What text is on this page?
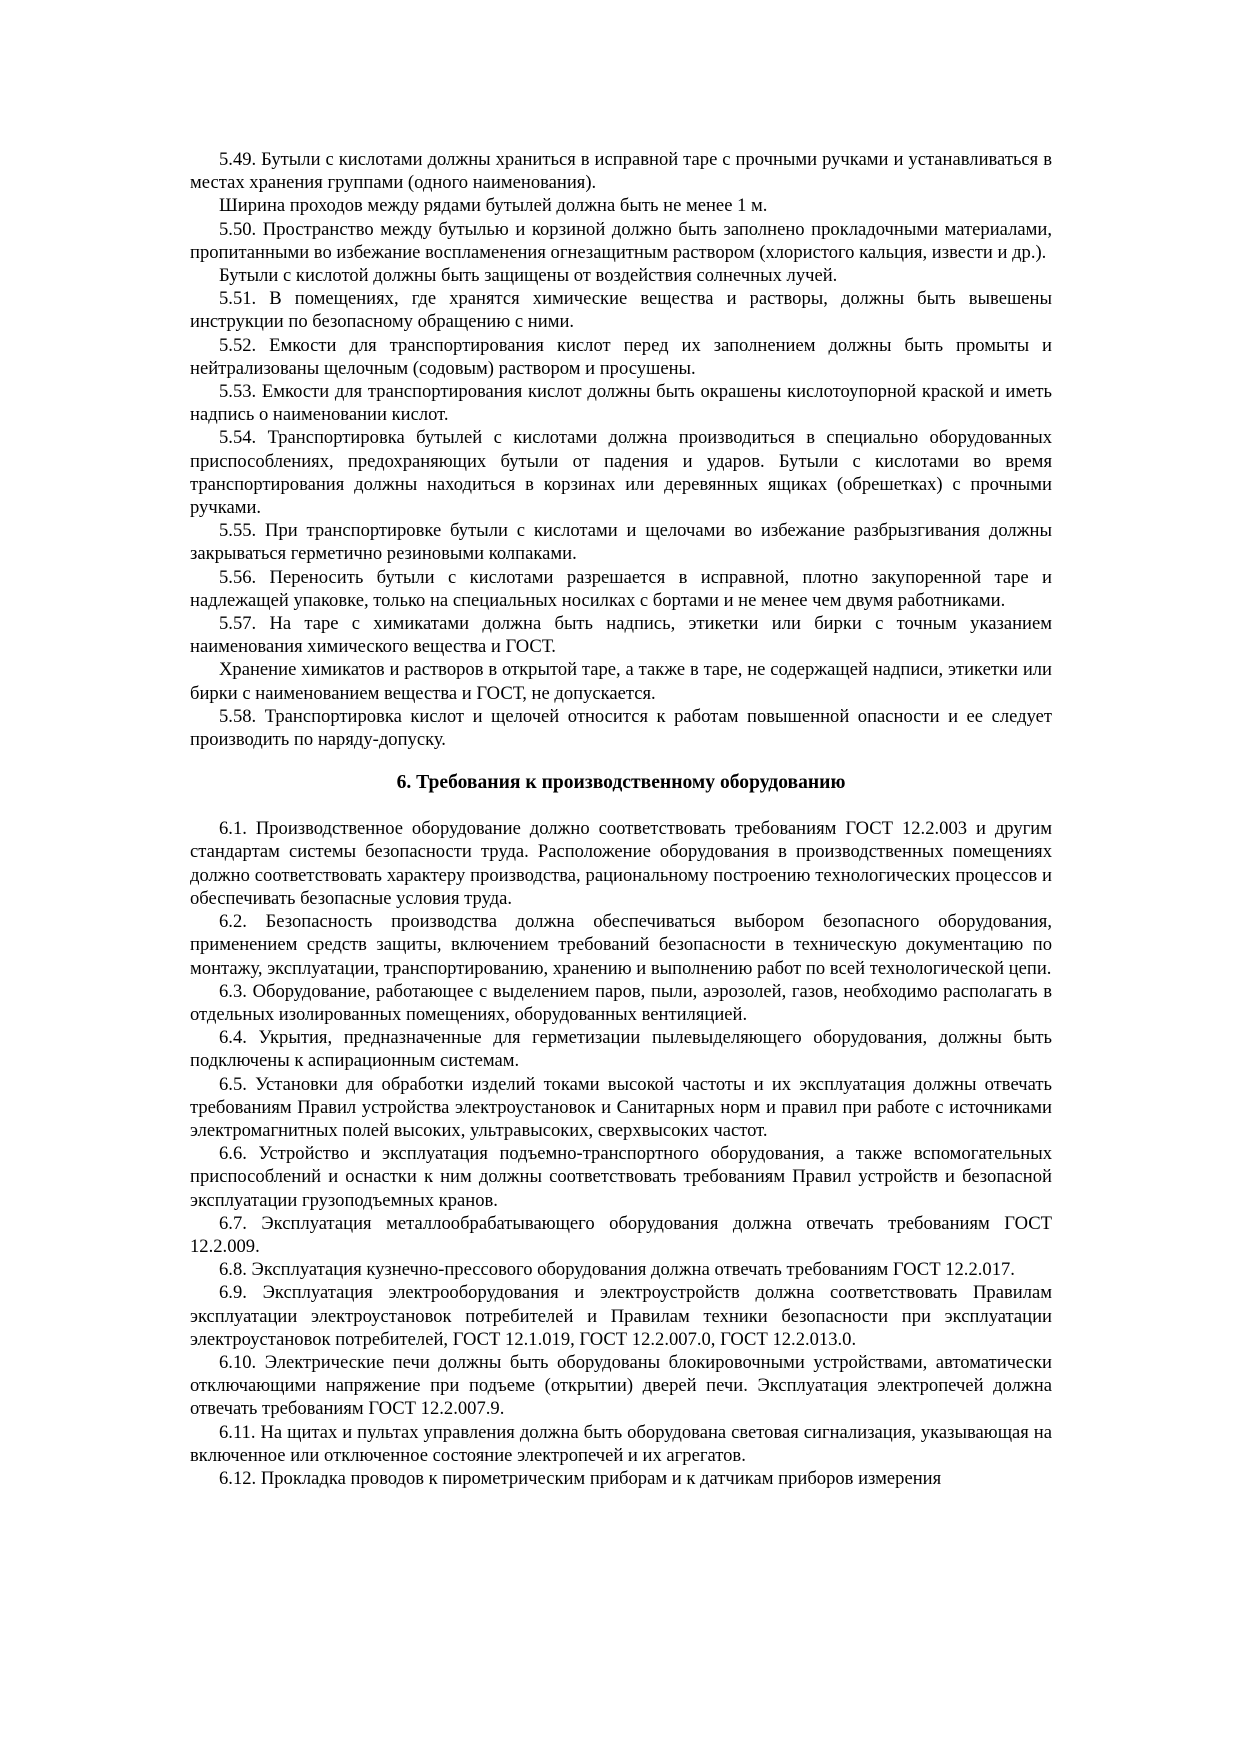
5.49. Бутыли с кислотами должны храниться в исправной таре с прочными ручками и устанавливаться в местах хранения группами (одного наименования).

Ширина проходов между рядами бутылей должна быть не менее 1 м.

5.50. Пространство между бутылью и корзиной должно быть заполнено прокладочными материалами, пропитанными во избежание воспламенения огнезащитным раствором (хлористого кальция, извести и др.).

Бутыли с кислотой должны быть защищены от воздействия солнечных лучей.

5.51. В помещениях, где хранятся химические вещества и растворы, должны быть вывешены инструкции по безопасному обращению с ними.

5.52. Емкости для транспортирования кислот перед их заполнением должны быть промыты и нейтрализованы щелочным (содовым) раствором и просушены.

5.53. Емкости для транспортирования кислот должны быть окрашены кислотоупорной краской и иметь надпись о наименовании кислот.

5.54. Транспортировка бутылей с кислотами должна производиться в специально оборудованных приспособлениях, предохраняющих бутыли от падения и ударов. Бутыли с кислотами во время транспортирования должны находиться в корзинах или деревянных ящиках (обрешетках) с прочными ручками.

5.55. При транспортировке бутыли с кислотами и щелочами во избежание разбрызгивания должны закрываться герметично резиновыми колпаками.

5.56. Переносить бутыли с кислотами разрешается в исправной, плотно закупоренной таре и надлежащей упаковке, только на специальных носилках с бортами и не менее чем двумя работниками.

5.57. На таре с химикатами должна быть надпись, этикетки или бирки с точным указанием наименования химического вещества и ГОСТ.

Хранение химикатов и растворов в открытой таре, а также в таре, не содержащей надписи, этикетки или бирки с наименованием вещества и ГОСТ, не допускается.

5.58. Транспортировка кислот и щелочей относится к работам повышенной опасности и ее следует производить по наряду-допуску.

6. Требования к производственному оборудованию

6.1. Производственное оборудование должно соответствовать требованиям ГОСТ 12.2.003 и другим стандартам системы безопасности труда. Расположение оборудования в производственных помещениях должно соответствовать характеру производства, рациональному построению технологических процессов и обеспечивать безопасные условия труда.

6.2. Безопасность производства должна обеспечиваться выбором безопасного оборудования, применением средств защиты, включением требований безопасности в техническую документацию по монтажу, эксплуатации, транспортированию, хранению и выполнению работ по всей технологической цепи.

6.3. Оборудование, работающее с выделением паров, пыли, аэрозолей, газов, необходимо располагать в отдельных изолированных помещениях, оборудованных вентиляцией.

6.4. Укрытия, предназначенные для герметизации пылевыделяющего оборудования, должны быть подключены к аспирационным системам.

6.5. Установки для обработки изделий токами высокой частоты и их эксплуатация должны отвечать требованиям Правил устройства электроустановок и Санитарных норм и правил при работе с источниками электромагнитных полей высоких, ультравысоких, сверхвысоких частот.

6.6. Устройство и эксплуатация подъемно-транспортного оборудования, а также вспомогательных приспособлений и оснастки к ним должны соответствовать требованиям Правил устройств и безопасной эксплуатации грузоподъемных кранов.

6.7. Эксплуатация металлообрабатывающего оборудования должна отвечать требованиям ГОСТ 12.2.009.

6.8. Эксплуатация кузнечно-прессового оборудования должна отвечать требованиям ГОСТ 12.2.017.

6.9. Эксплуатация электрооборудования и электроустройств должна соответствовать Правилам эксплуатации электроустановок потребителей и Правилам техники безопасности при эксплуатации электроустановок потребителей, ГОСТ 12.1.019, ГОСТ 12.2.007.0, ГОСТ 12.2.013.0.

6.10. Электрические печи должны быть оборудованы блокировочными устройствами, автоматически отключающими напряжение при подъеме (открытии) дверей печи. Эксплуатация электропечей должна отвечать требованиям ГОСТ 12.2.007.9.

6.11. На щитах и пультах управления должна быть оборудована световая сигнализация, указывающая на включенное или отключенное состояние электропечей и их агрегатов.

6.12. Прокладка проводов к пирометрическим приборам и к датчикам приборов измерения
